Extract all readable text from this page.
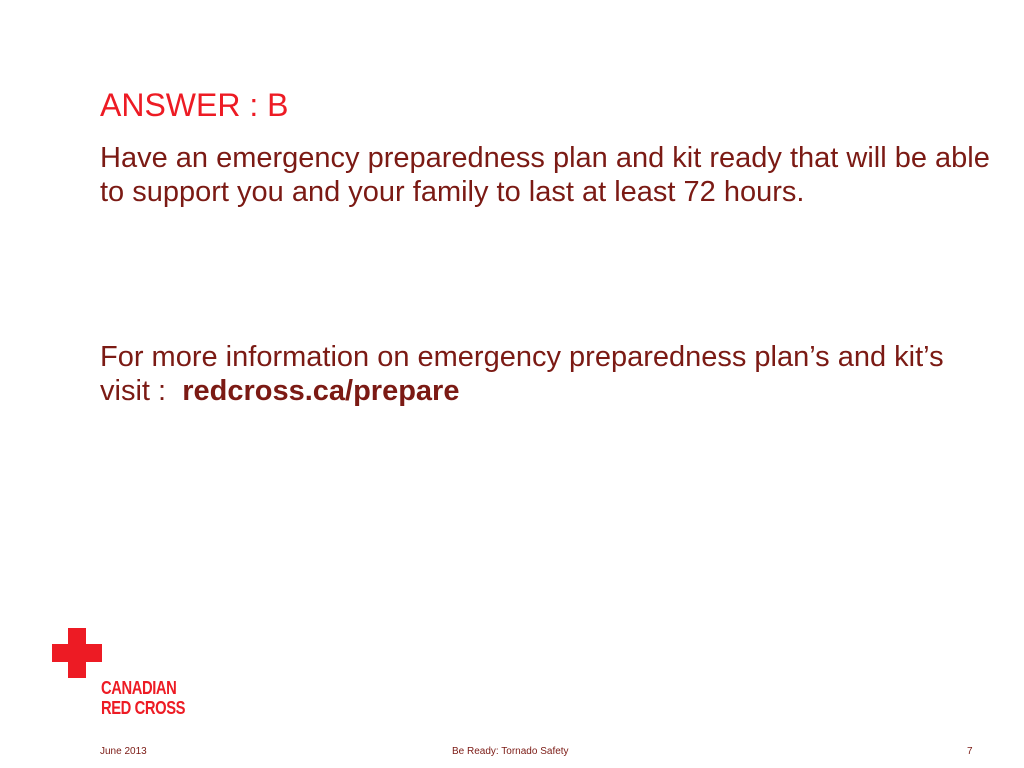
ANSWER : B

Have an emergency preparedness plan and kit ready that will be able to support you and your family to last at least 72 hours.

For more information on emergency preparedness plan’s and kit’s visit : redcross.ca/prepare

CANADIAN
RED CROSS
June 2013	Be Ready: Tornado Safety	7
